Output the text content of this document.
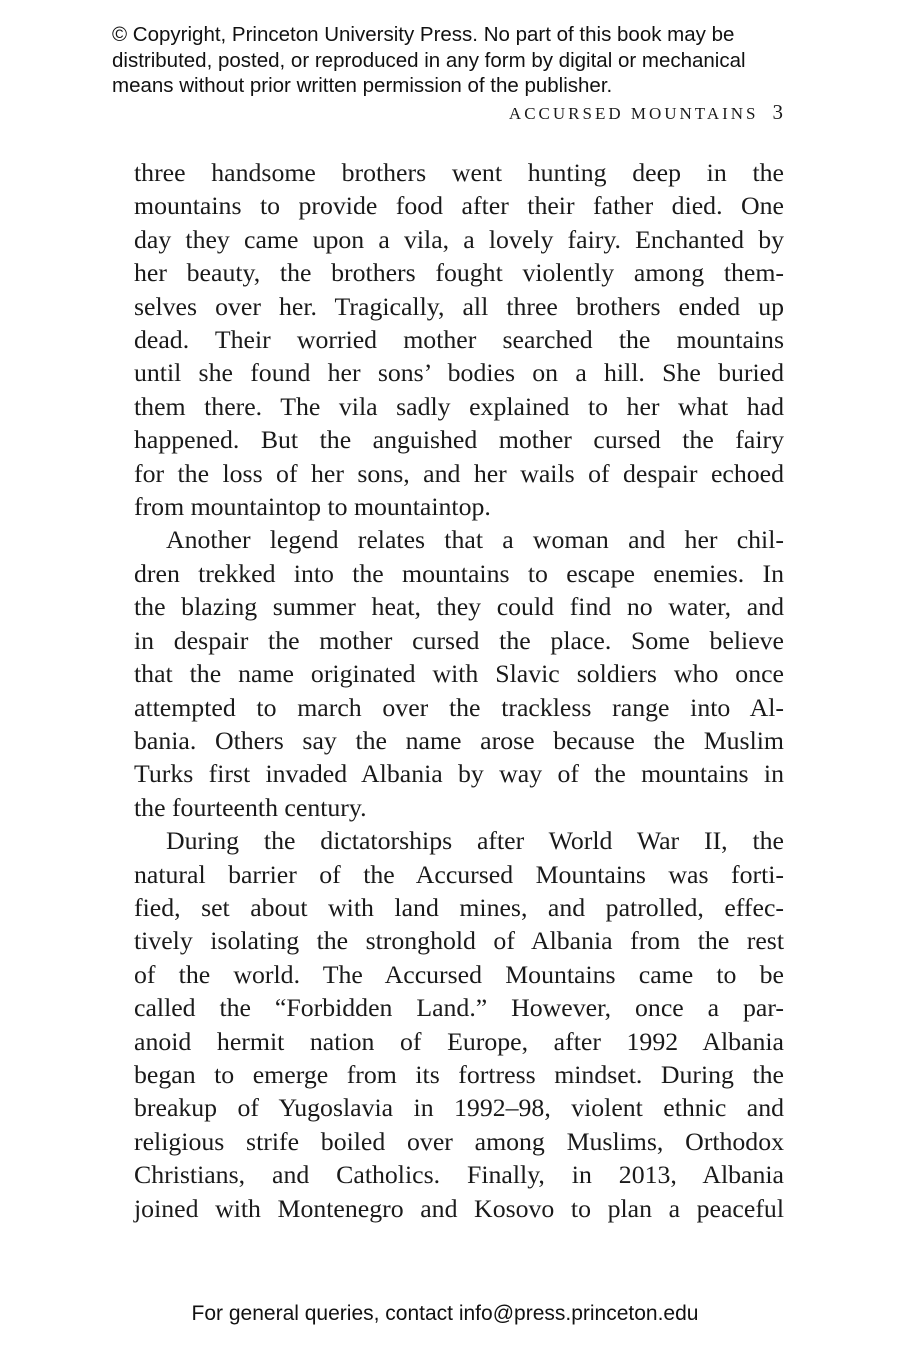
© Copyright, Princeton University Press. No part of this book may be
distributed, posted, or reproduced in any form by digital or mechanical
means without prior written permission of the publisher.
ACCURSED MOUNTAINS 3
three handsome brothers went hunting deep in the
mountains to provide food after their father died. One
day they came upon a vila, a lovely fairy. Enchanted by
her beauty, the brothers fought violently among them-
selves over her. Tragically, all three brothers ended up
dead. Their worried mother searched the mountains
until she found her sons’ bodies on a hill. She buried
them there. The vila sadly explained to her what had
happened. But the anguished mother cursed the fairy
for the loss of her sons, and her wails of despair echoed
from mountaintop to mountaintop.
Another legend relates that a woman and her chil-
dren trekked into the mountains to escape enemies. In
the blazing summer heat, they could find no water, and
in despair the mother cursed the place. Some believe
that the name originated with Slavic soldiers who once
attempted to march over the trackless range into Al-
bania. Others say the name arose because the Muslim
Turks first invaded Albania by way of the mountains in
the fourteenth century.
During the dictatorships after World War II, the
natural barrier of the Accursed Mountains was forti-
fied, set about with land mines, and patrolled, effec-
tively isolating the stronghold of Albania from the rest
of the world. The Accursed Mountains came to be
called the “Forbidden Land.” However, once a par-
anoid hermit nation of Europe, after 1992 Albania
began to emerge from its fortress mindset. During the
breakup of Yugoslavia in 1992–98, violent ethnic and
religious strife boiled over among Muslims, Orthodox
Christians, and Catholics. Finally, in 2013, Albania
joined with Montenegro and Kosovo to plan a peaceful
For general queries, contact info@press.princeton.edu
